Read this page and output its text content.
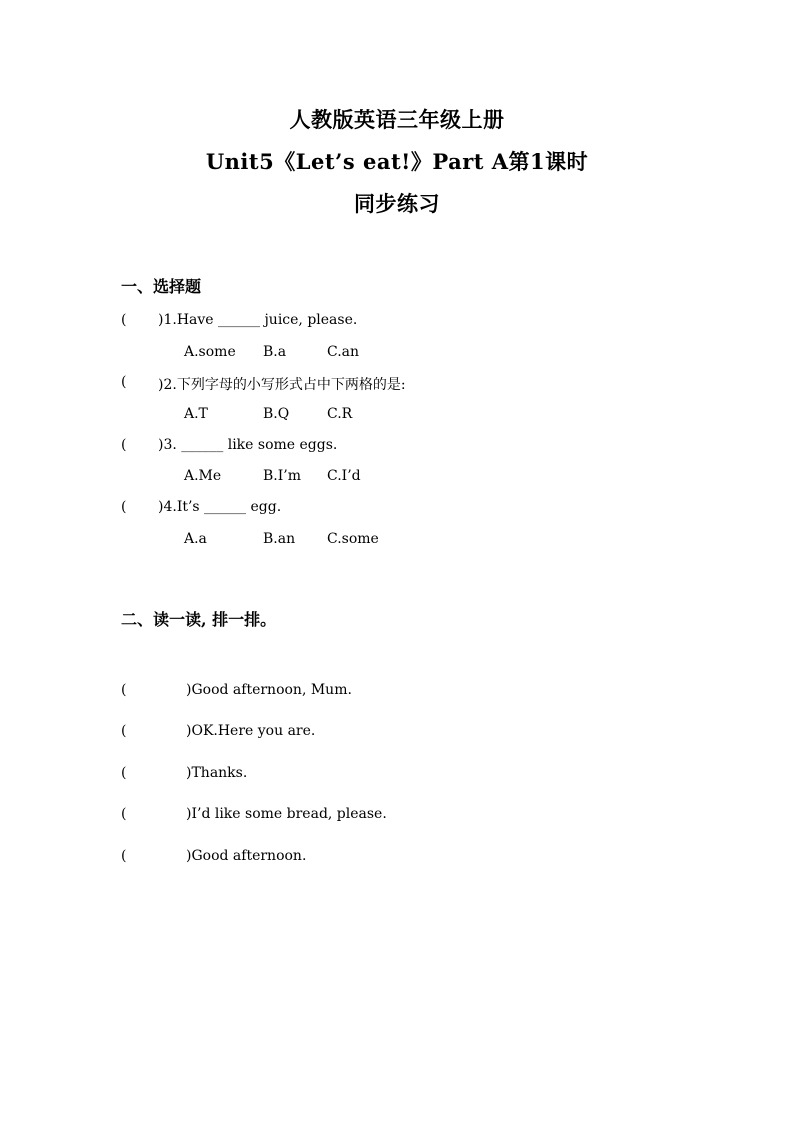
人教版英语三年级上册
Unit5《Let’s eat!》Part A第1课时
同步练习
一、选择题
( )1.Have ______ juice, please.
A.some B.a	C.an
( )2.下列字母的小写形式占中下两格的是:
A.T	B.Q	C.R
( )3. ______ like some eggs.
A.Me	B.I’m C.I’d
( )4.It’s ______ egg.
A.a	B.an C.some
二、读一读, 排一排。
(	)Good afternoon, Mum.
(	)OK.Here you are.
(	)Thanks.
(	)I’d like some bread, please.
(	)Good afternoon.
